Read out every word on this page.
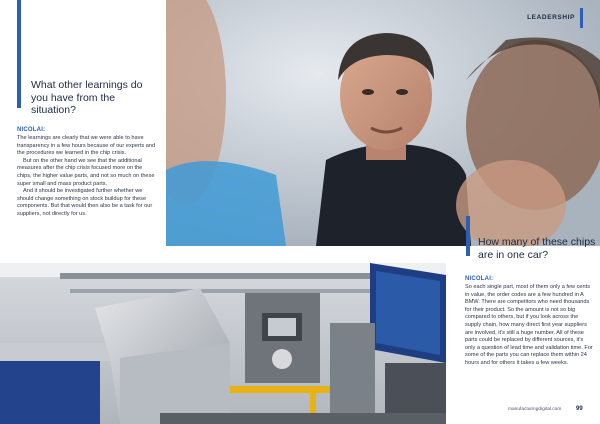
LEADERSHIP
What other learnings do you have from the situation?
NICOLAI:

The learnings are clearly that we were able to have transparency in a few hours because of our experts and the procedures we learned in the chip crisis.

But on the other hand we see that the additional measures after the chip crisis focused more on the chips, the higher value parts, and not so much on these super small and mass product parts.

And it should be investigated further whether we should change something on stock buildup for these components. But that would then also be a task for our suppliers, not directly for us.

How many of these chips are in one car?
NICOLAI:

So each single part, most of them only a few cents in value, the order codes are a few hundred in A BMW. There are competitors who need thousands for their product. So the amount is not so big compared to others, but if you look across the supply chain, how many direct first year suppliers are involved, it's still a huge number. All of these parts could be replaced by different sources, it's only a question of lead time and validation time. For some of the parts you can replace them within 24 hours and for others it takes a few weeks.

manufacturingdigital.com 99
